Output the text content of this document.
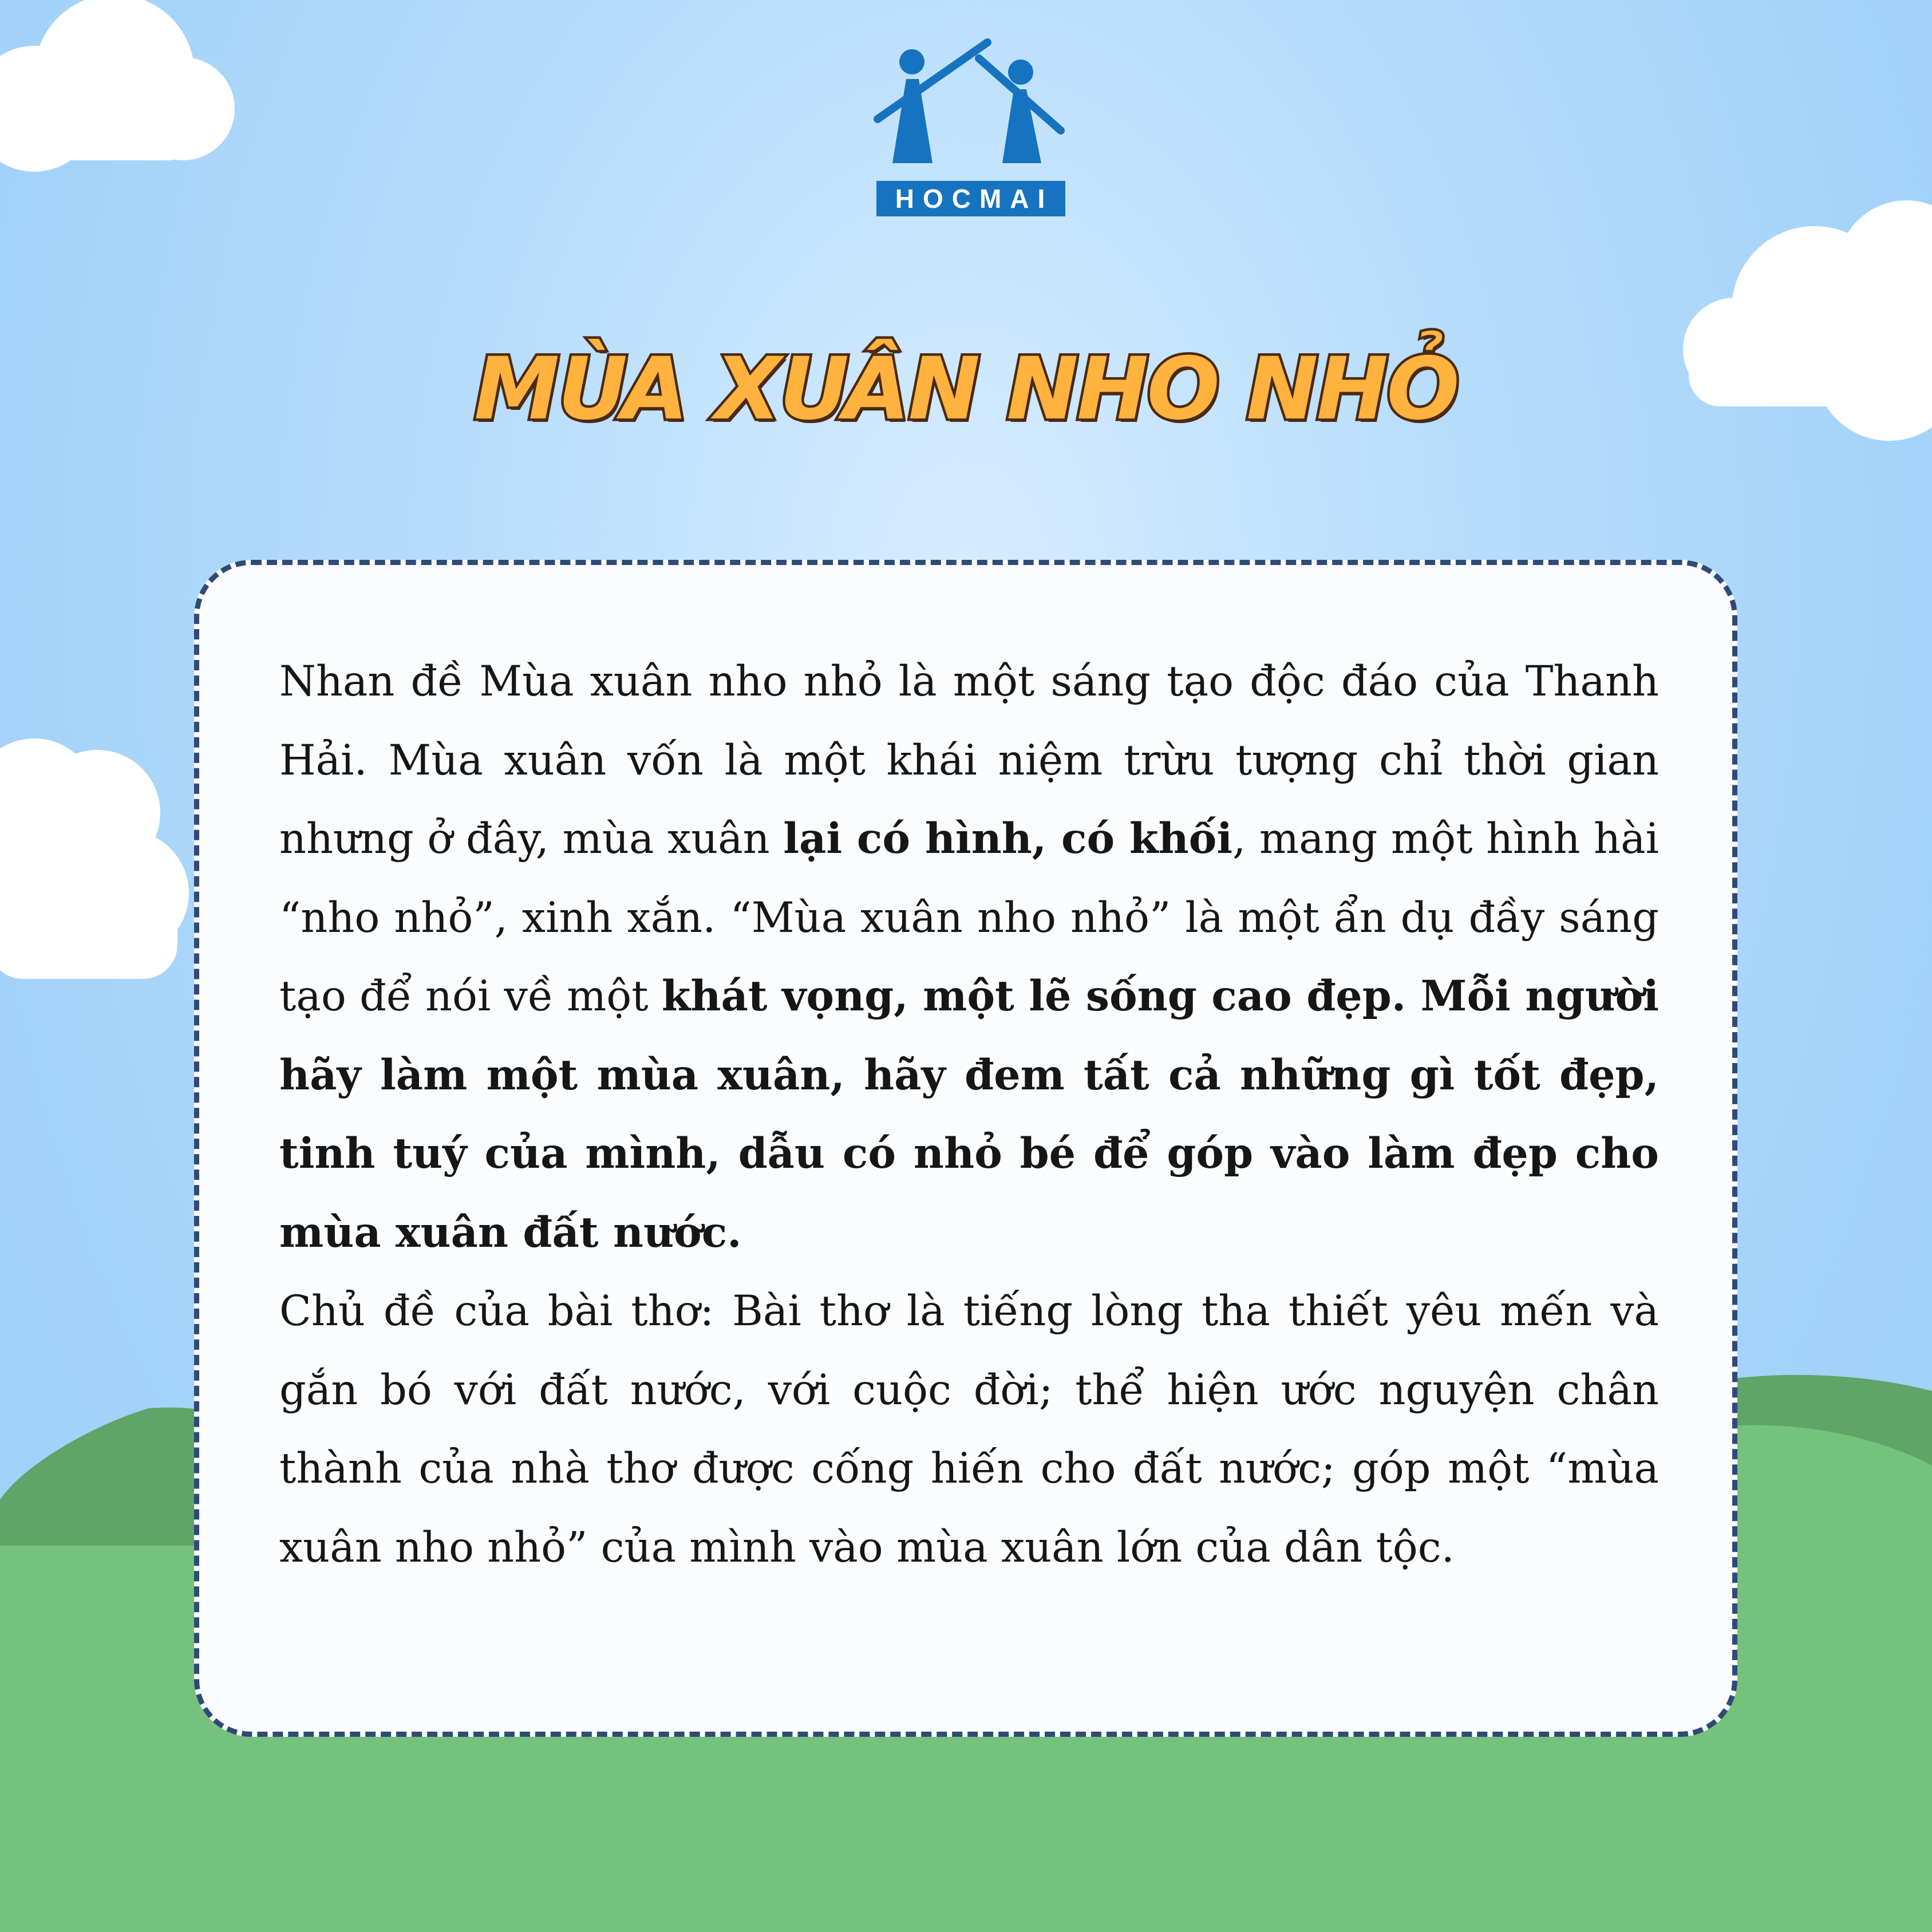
HOCMAI
MÙA XUÂN NHO NHỎ

Nhan đề Mùa xuân nho nhỏ là một sáng tạo độc đáo của Thanh Hải. Mùa xuân vốn là một khái niệm trừu tượng chỉ thời gian nhưng ở đây, mùa xuân lại có hình, có khối, mang một hình hài “nho nhỏ”, xinh xắn. “Mùa xuân nho nhỏ” là một ẩn dụ đầy sáng tạo để nói về một khát vọng, một lẽ sống cao đẹp. Mỗi người hãy làm một mùa xuân, hãy đem tất cả những gì tốt đẹp, tinh tuý của mình, dẫu có nhỏ bé để góp vào làm đẹp cho mùa xuân đất nước.

Chủ đề của bài thơ: Bài thơ là tiếng lòng tha thiết yêu mến và gắn bó với đất nước, với cuộc đời; thể hiện ước nguyện chân thành của nhà thơ được cống hiến cho đất nước; góp một “mùa xuân nho nhỏ” của mình vào mùa xuân lớn của dân tộc.
